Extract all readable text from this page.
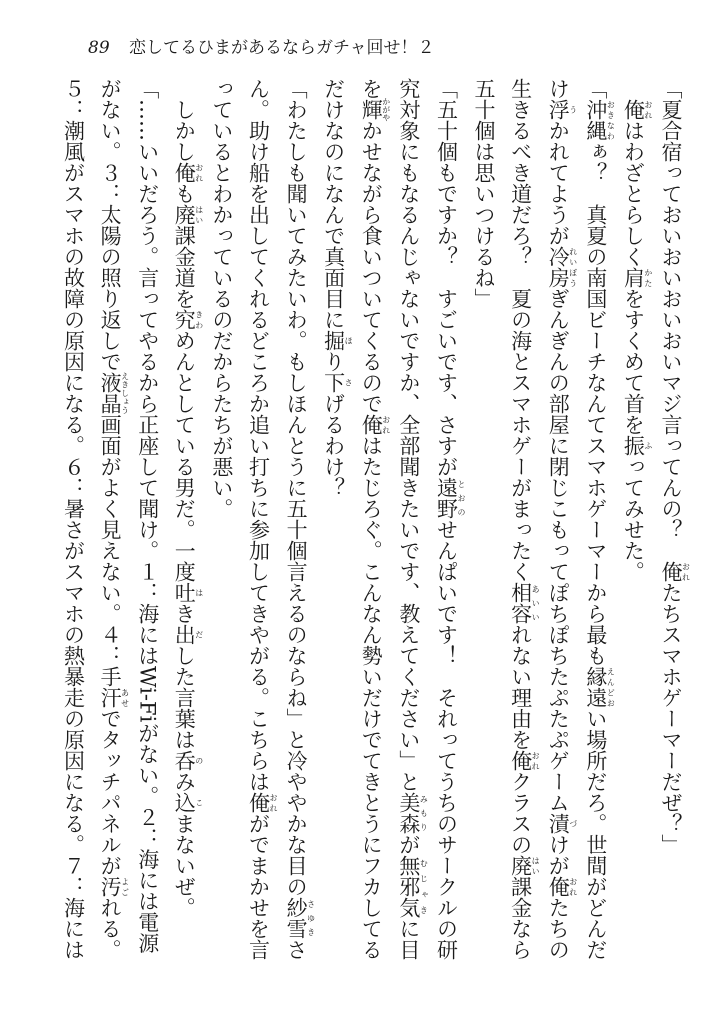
89 恋してるひまがあるならガチャ回せ！２
「夏合宿っておいおいおいおいマジ言ってんの？　俺おれたちスマホゲーマーだぜ？」
　俺おれはわざとらしく肩かたをすくめて首を振ふってみせた。
「沖縄おきなわぁ？　真夏の南国ビーチなんてスマホゲーマーから最も縁遠えんどおい場所だろ。世間がどんだ
け浮うかれてようが冷房れいぼうぎんぎんの部屋に閉じこもってぽちぽちたぷたぷゲーム漬づけが俺おれたちの
生きるべき道だろ？　夏の海とスマホゲーがまったく相容あいいれない理由を俺おれクラスの廃はい課金なら
五十個は思いつけるね」
「五十個もですか？　すごいです、さすが遠野とおのせんぱいです！　それってうちのサークルの研
究対象にもなるんじゃないですか、全部聞きたいです、教えてください」と美森みもりが無邪気むじゃきに目
を輝かがやかせながら食いついてくるので俺おれはたじろぐ。こんなん勢いだけでてきとうにフカしてる
だけなのになんで真面目に掘ほり下さげるわけ？
「わたしも聞いてみたいわ。もしほんとうに五十個言えるのならね」と冷ややかな目の紗雪さゆきさ
ん。助け船を出してくれるどころか追い打ちに参加してきやがる。こちらは俺おれがでまかせを言
っているとわかっているのだからたちが悪い。
　しかし俺おれも廃はい課金道を究きわめんとしている男だ。一度吐はき出だした言葉は呑のみ込こまないぜ。
「……いいだろう。言ってやるから正座して聞け。１：海にはWi-Fiがない。２：海には電源
がない。３：太陽の照り返しで液晶えきしょう画面がよく見えない。４：手汗あせでタッチパネルが汚よごれる。
５：潮風がスマホの故障の原因になる。６：暑さがスマホの熱暴走の原因になる。７：海には
